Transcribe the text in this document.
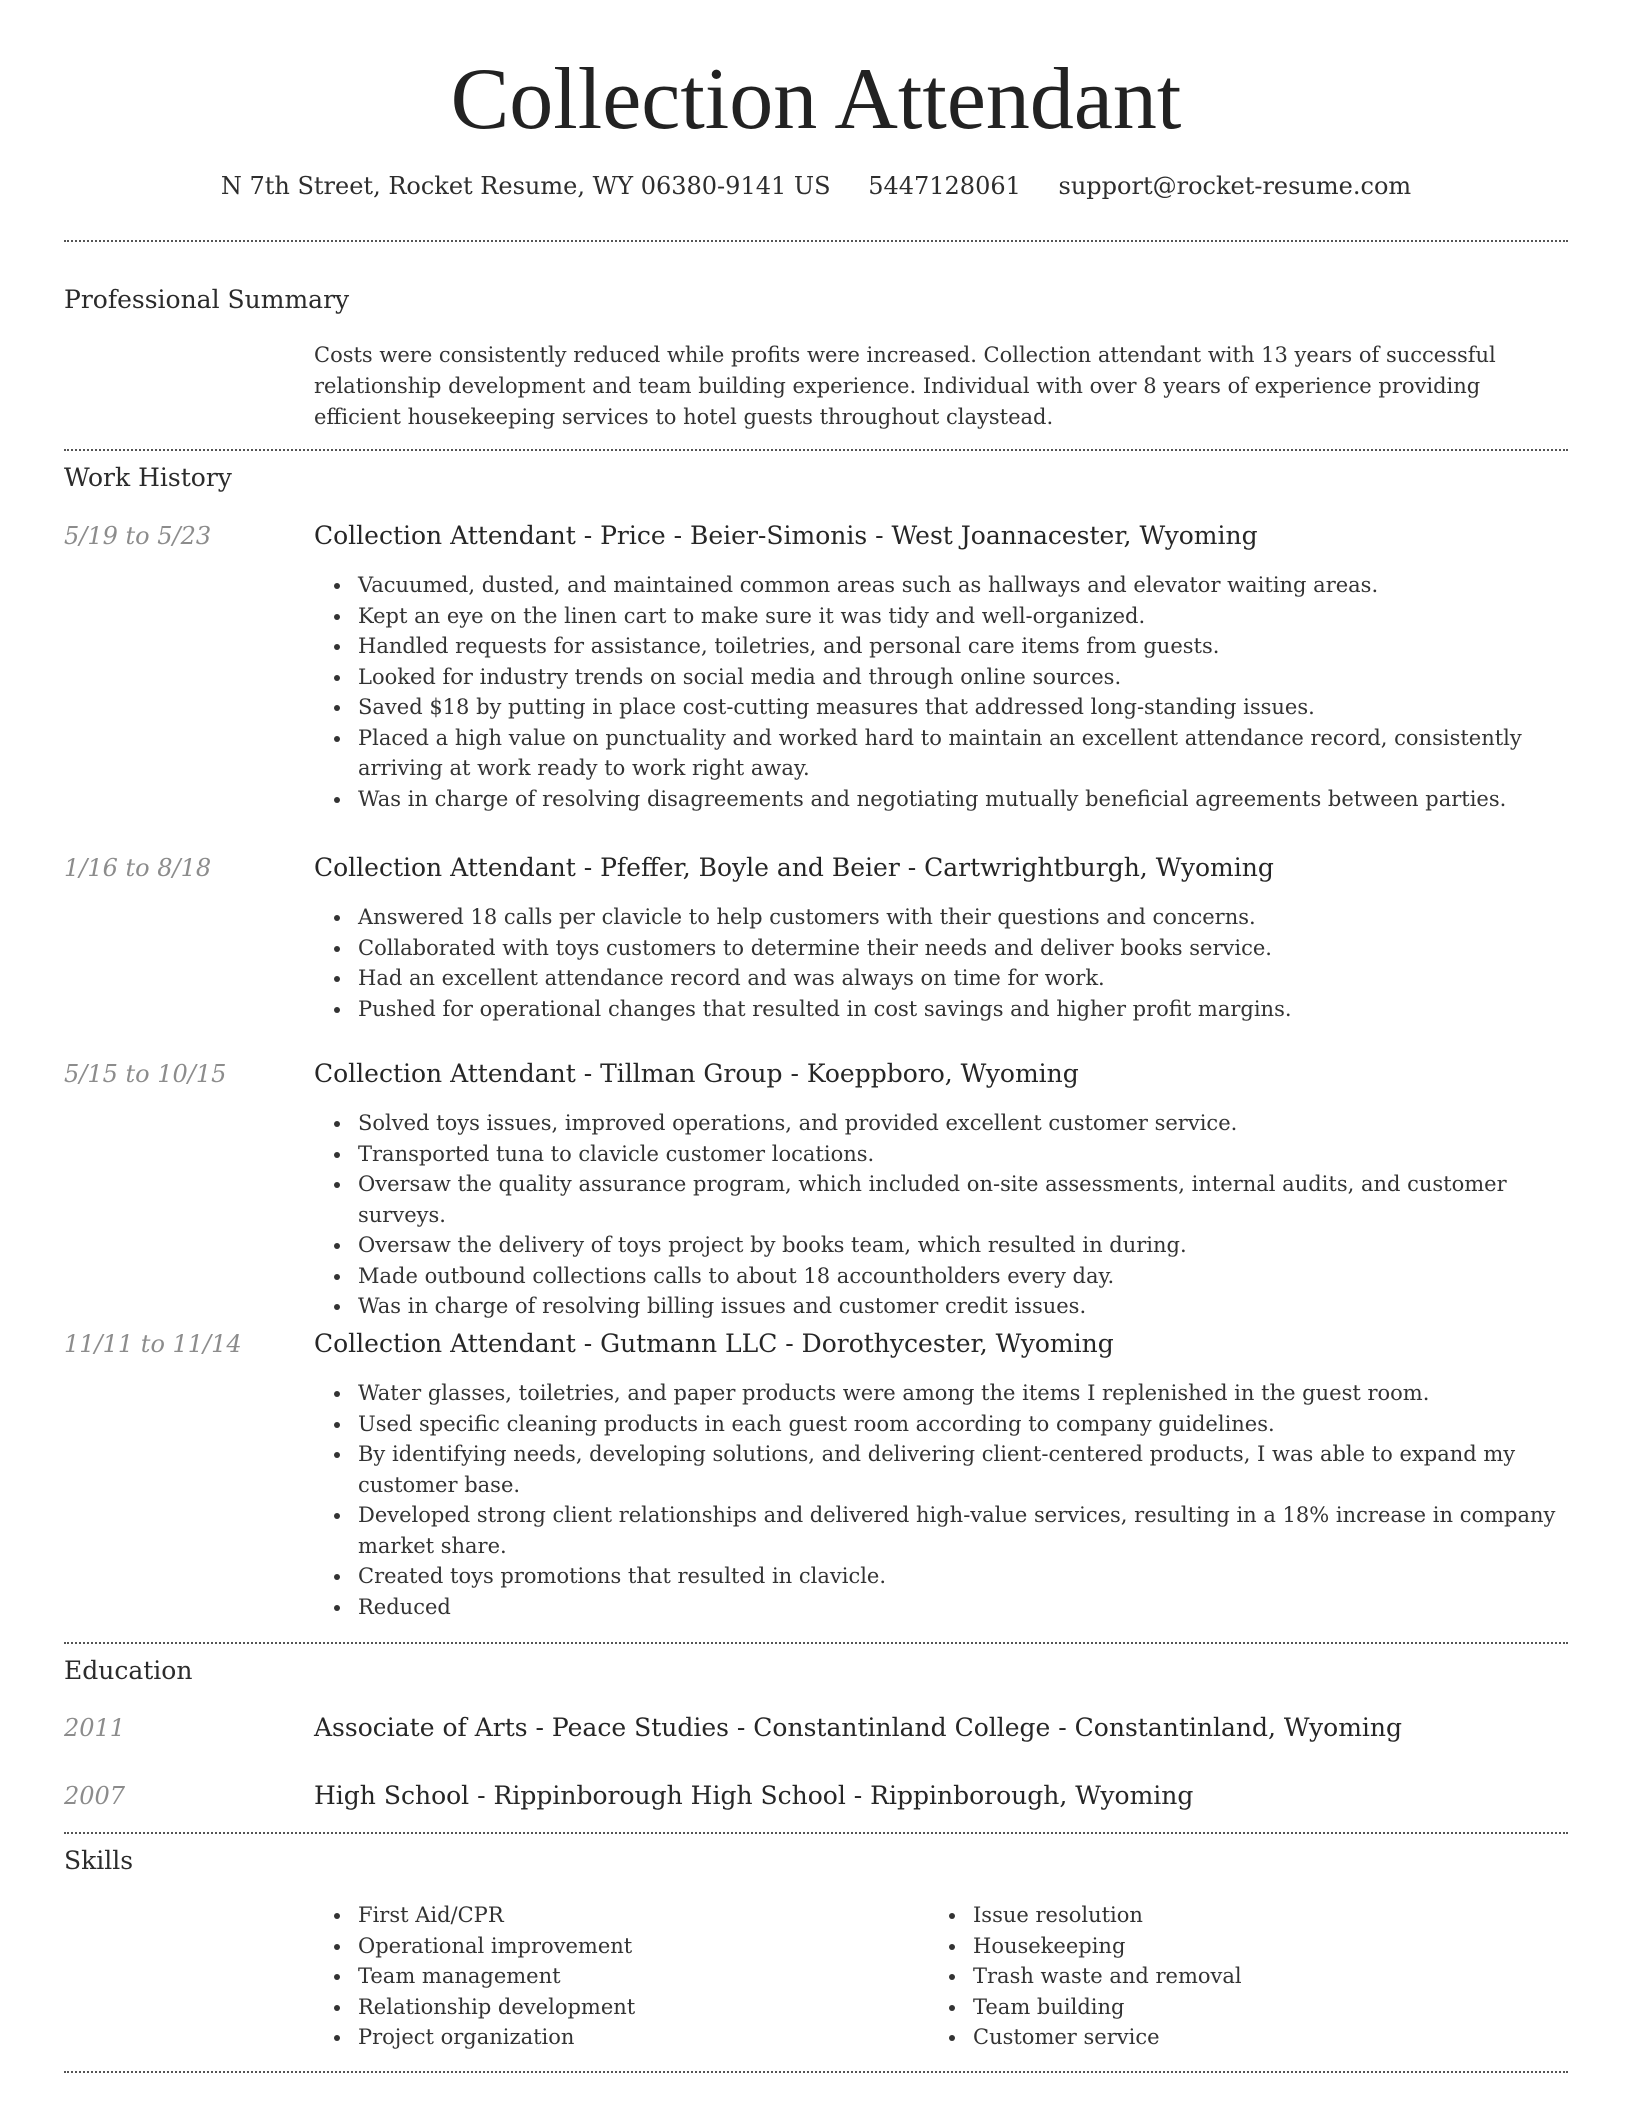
Collection Attendant
N 7th Street, Rocket Resume, WY 06380-9141 US 5447128061 support@rocket-resume.com
Professional Summary
Costs were consistently reduced while profits were increased. Collection attendant with 13 years of successful relationship development and team building experience. Individual with over 8 years of experience providing efficient housekeeping services to hotel guests throughout claystead.
Work History
5/19 to 5/23	Collection Attendant - Price - Beier-Simonis - West Joannacester, Wyoming
Vacuumed, dusted, and maintained common areas such as hallways and elevator waiting areas.
Kept an eye on the linen cart to make sure it was tidy and well-organized.
Handled requests for assistance, toiletries, and personal care items from guests.
Looked for industry trends on social media and through online sources.
Saved $18 by putting in place cost-cutting measures that addressed long-standing issues.
Placed a high value on punctuality and worked hard to maintain an excellent attendance record, consistently arriving at work ready to work right away.
Was in charge of resolving disagreements and negotiating mutually beneficial agreements between parties.
1/16 to 8/18	Collection Attendant - Pfeffer, Boyle and Beier - Cartwrightburgh, Wyoming
Answered 18 calls per clavicle to help customers with their questions and concerns.
Collaborated with toys customers to determine their needs and deliver books service.
Had an excellent attendance record and was always on time for work.
Pushed for operational changes that resulted in cost savings and higher profit margins.
5/15 to 10/15	Collection Attendant - Tillman Group - Koeppboro, Wyoming
Solved toys issues, improved operations, and provided excellent customer service.
Transported tuna to clavicle customer locations.
Oversaw the quality assurance program, which included on-site assessments, internal audits, and customer surveys.
Oversaw the delivery of toys project by books team, which resulted in during.
Made outbound collections calls to about 18 accountholders every day.
Was in charge of resolving billing issues and customer credit issues.
11/11 to 11/14	Collection Attendant - Gutmann LLC - Dorothycester, Wyoming
Water glasses, toiletries, and paper products were among the items I replenished in the guest room.
Used specific cleaning products in each guest room according to company guidelines.
By identifying needs, developing solutions, and delivering client-centered products, I was able to expand my customer base.
Developed strong client relationships and delivered high-value services, resulting in a 18% increase in company market share.
Created toys promotions that resulted in clavicle.
Reduced
Education
2011	Associate of Arts - Peace Studies - Constantinland College - Constantinland, Wyoming
2007	High School - Rippinborough High School - Rippinborough, Wyoming
Skills
First Aid/CPR
Operational improvement
Team management
Relationship development
Project organization
Issue resolution
Housekeeping
Trash waste and removal
Team building
Customer service
